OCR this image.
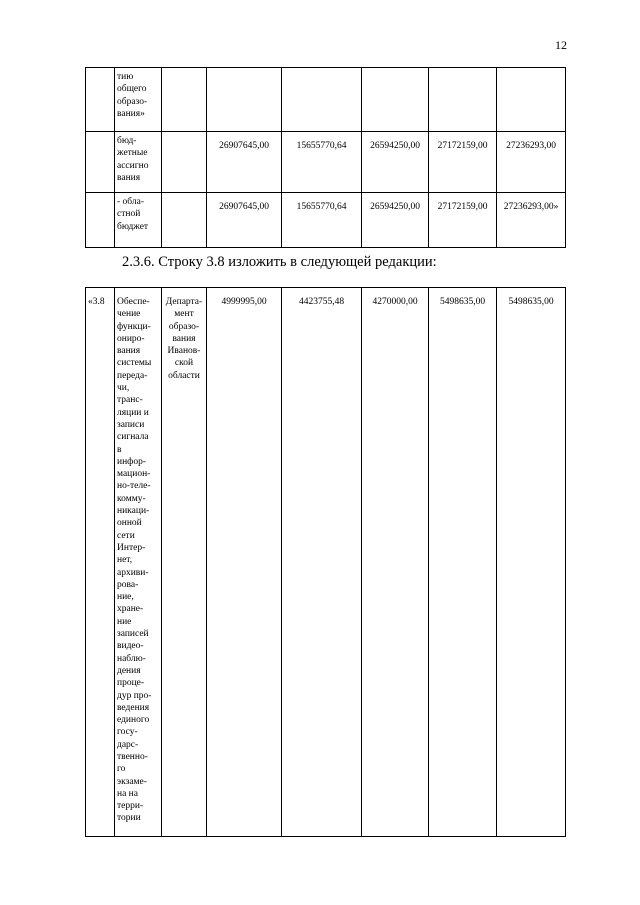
12
	тию
общего
образо-
вания»						
	бюд-
жетные
ассигно
вания		26907645,00	15655770,64	26594250,00	27172159,00	27236293,00
	- обла-
стной
бюджет		26907645,00	15655770,64	26594250,00	27172159,00	27236293,00»
2.3.6. Строку 3.8 изложить в следующей редакции:
«3.8	Обеспе-
чение
функци-
ониро-
вания
системы
переда-
чи,
транс-
ляции и
записи
сигнала
в
инфор-
мацион-
но-теле-
комму-
никаци-
онной
сети
Интер-
нет,
архиви-
рова-
ние,
хране-
ние
записей
видео-
наблю-
дения
проце-
дур про-
ведения
единого
госу-
дарс-
твенно-
го
экзаме-
на на
терри-
тории	Департа-
мент
образо-
вания
Иванов-
ской
области	4999995,00	4423755,48	4270000,00	5498635,00	5498635,00
